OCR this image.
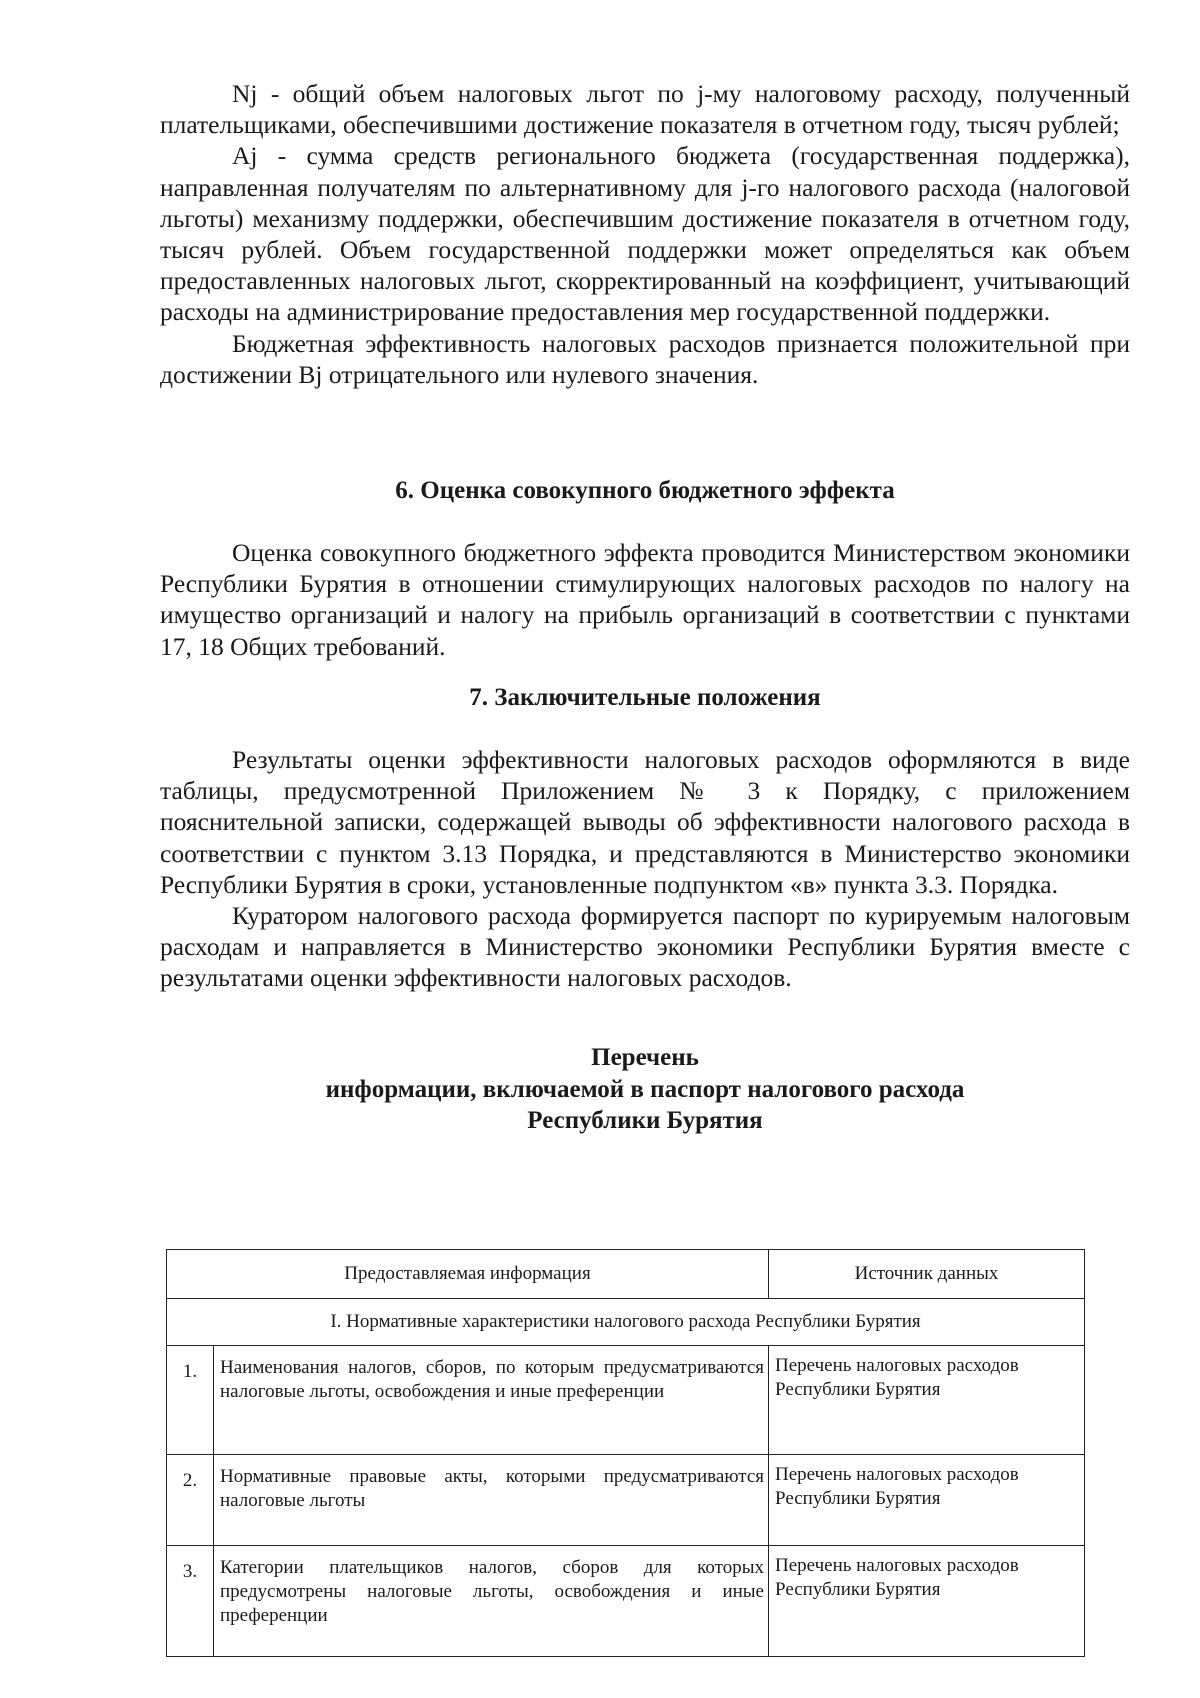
Nj - общий объем налоговых льгот по j-му налоговому расходу, полученный плательщиками, обеспечившими достижение показателя в отчетном году, тысяч рублей;

Aj - сумма средств регионального бюджета (государственная поддержка), направленная получателям по альтернативному для j-го налогового расхода (налоговой льготы) механизму поддержки, обеспечившим достижение показателя в отчетном году, тысяч рублей. Объем государственной поддержки может определяться как объем предоставленных налоговых льгот, скорректированный на коэффициент, учитывающий расходы на администрирование предоставления мер государственной поддержки.

Бюджетная эффективность налоговых расходов признается положительной при достижении Bj отрицательного или нулевого значения.

6. Оценка совокупного бюджетного эффекта

Оценка совокупного бюджетного эффекта проводится Министерством экономики Республики Бурятия в отношении стимулирующих налоговых расходов по налогу на имущество организаций и налогу на прибыль организаций в соответствии с пунктами 17, 18 Общих требований.

7. Заключительные положения

Результаты оценки эффективности налоговых расходов оформляются в виде таблицы, предусмотренной Приложением № 3 к Порядку, с приложением пояснительной записки, содержащей выводы об эффективности налогового расхода в соответствии с пунктом 3.13 Порядка, и представляются в Министерство экономики Республики Бурятия в сроки, установленные подпунктом «в» пункта 3.3. Порядка.

Куратором налогового расхода формируется паспорт по курируемым налоговым расходам и направляется в Министерство экономики Республики Бурятия вместе с результатами оценки эффективности налоговых расходов.

Перечень
информации, включаемой в паспорт налогового расхода
Республики Бурятия
Предоставляемая информация		Источник данных
I. Нормативные характеристики налогового расхода Республики Бурятия		
1.	Наименования налогов, сборов, по которым предусматриваются налоговые льготы, освобождения и иные преференции	Перечень налоговых расходов Республики Бурятия
2.	Нормативные правовые акты, которыми предусматриваются налоговые льготы	Перечень налоговых расходов Республики Бурятия
3.	Категории плательщиков налогов, сборов для которых предусмотрены налоговые льготы, освобождения и иные преференции	Перечень налоговых расходов Республики Бурятия
